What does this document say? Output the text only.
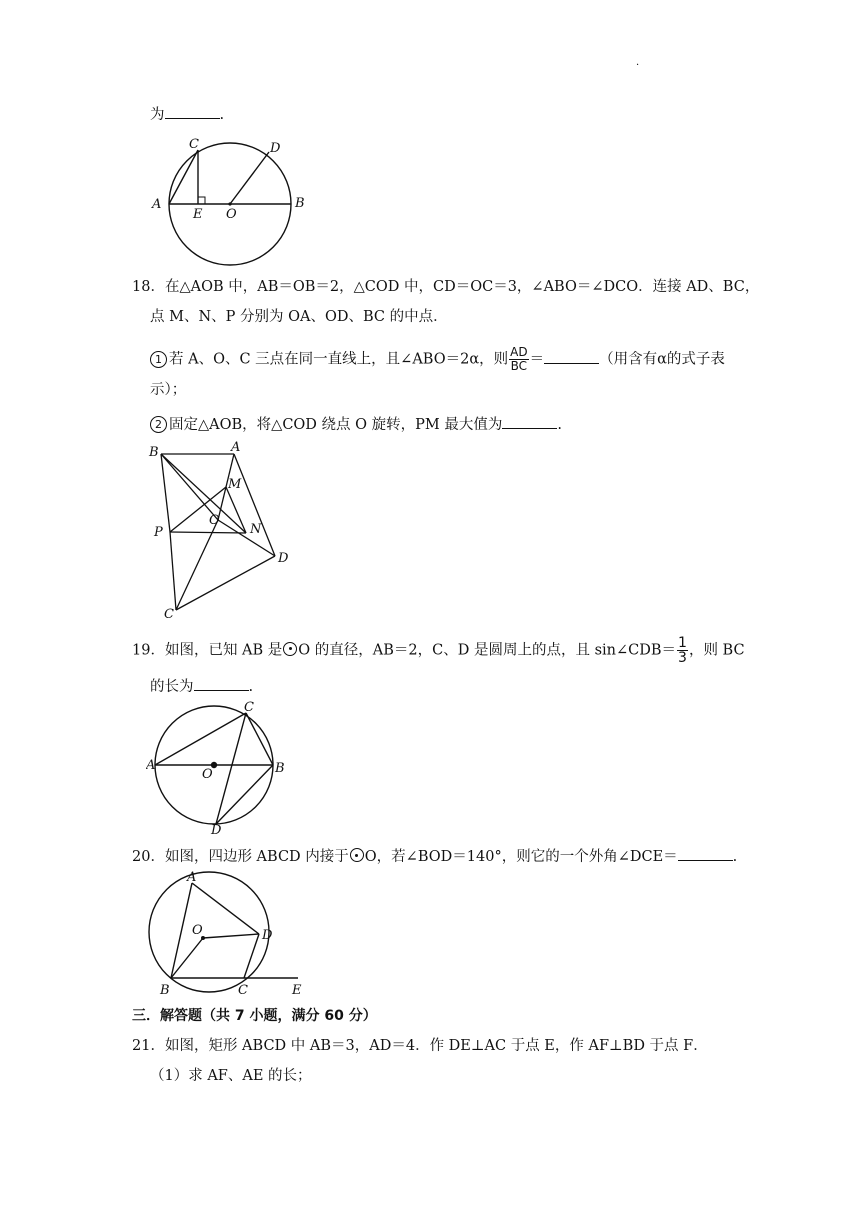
·
为	.
A	B
C	D
E O
18．在△AOB 中，AB＝OB＝2，△COD 中，CD＝OC＝3，∠ABO＝∠DCO．连接 AD、BC，
点 M、N、P 分别为 OA、OD、BC 的中点．
1 若 A、O、C 三点在同一直线上，且∠ABO＝2α，则 $\frac{AD}{BC}$ ＝	（用含有α的式子表
示）；
2 固定△AOB，将△COD 绕点 O 旋转，PM 最大值为	.
B	A
M
O
N
P
D
C
19．如图，已知 AB 是 O 的直径，AB＝2，C、D 是圆周上的点，且 sin∠CDB＝ $\frac{1}{3}$ ，则 BC
的长为	.
A	B
C
D
O
20．如图，四边形 ABCD 内接于 O，若∠BOD＝140°，则它的一个外角∠DCE＝	.
A
O	D
B	C	E
三．解答题（共 7 小题，满分 60 分）
21．如图，矩形 ABCD 中 AB＝3，AD＝4．作 DE⊥AC 于点 E，作 AF⊥BD 于点 F．
（1）求 AF、AE 的长；
